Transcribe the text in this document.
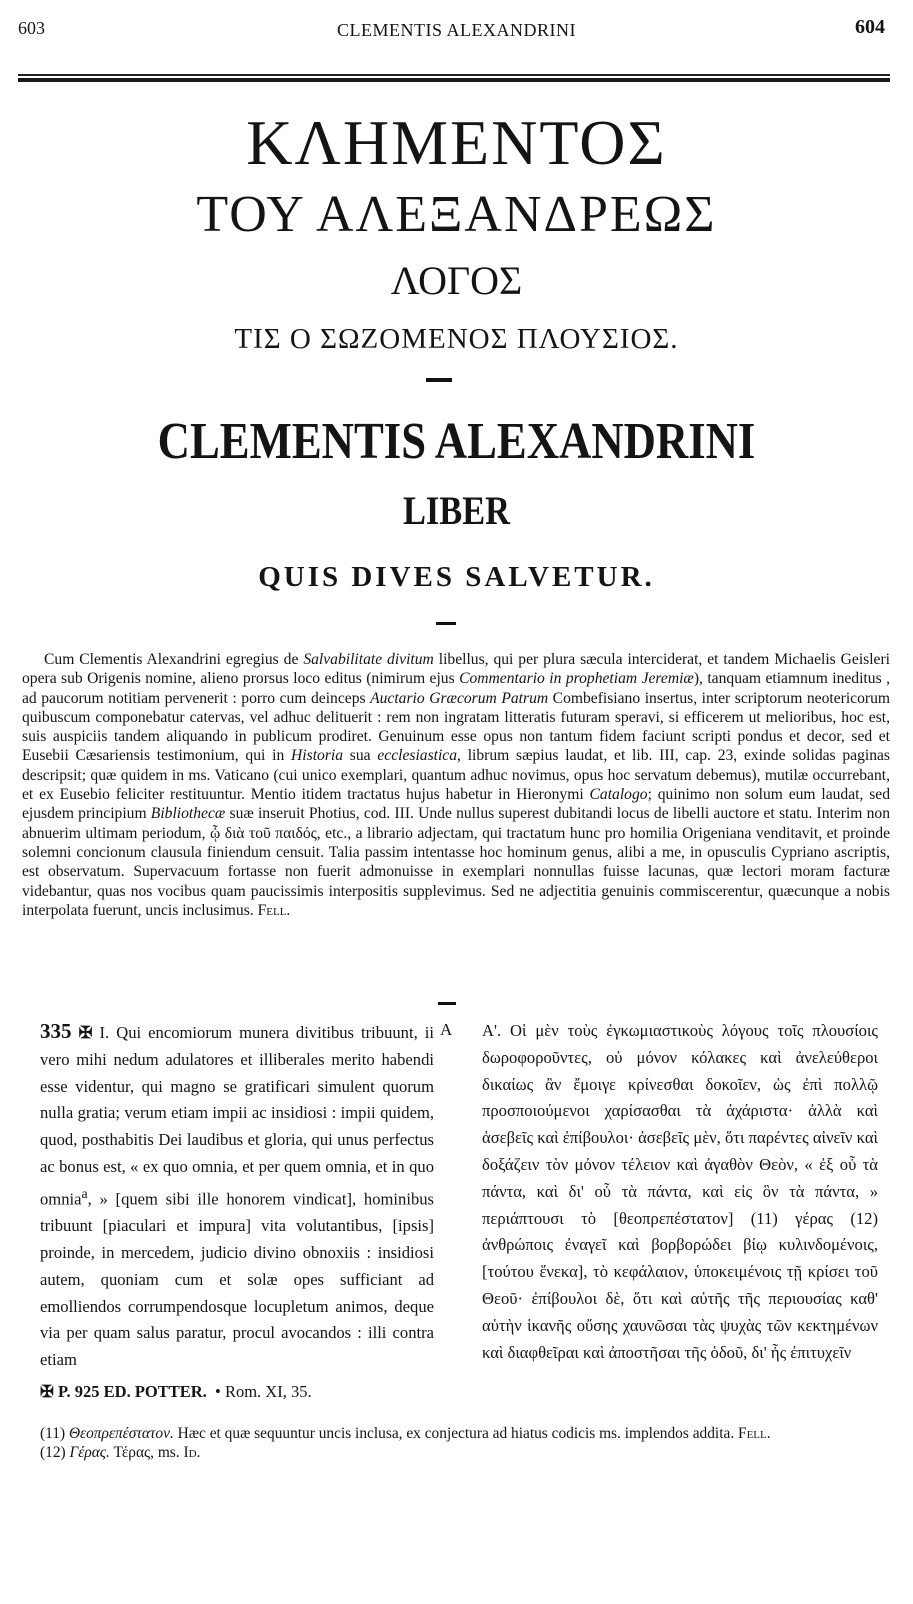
603	CLEMENTIS ALEXANDRINI	604
ΚΛΗΜΕΝΤΟΣ
ΤΟΥ ΑΛΕΞΑΝΔΡΕΩΣ
ΛΟΓΟΣ
ΤΙΣ Ο ΣΩΖΟΜΕΝΟΣ ΠΛΟΥΣΙΟΣ.
CLEMENTIS ALEXANDRINI
LIBER
QUIS DIVES SALVETUR.
Cum Clementis Alexandrini egregius de Salvabilitate divitum libellus, qui per plura sæcula interciderat, et tandem Michaelis Geisleri opera sub Origenis nomine, alieno prorsus loco editus (nimirum ejus Commentario in prophetiam Jeremiæ), tanquam etiamnum ineditus , ad paucorum notitiam pervenerit : porro cum deinceps Auctario Græcorum Patrum Combefisiano insertus, inter scriptorum neotericorum quibuscum componebatur catervas, vel adhuc delituerit : rem non ingratam litteratis futuram speravi, si efficerem ut melioribus, hoc est, suis auspiciis tandem aliquando in publicum prodiret. Genuinum esse opus non tantum fidem faciunt scripti pondus et decor, sed et Eusebii Cæsariensis testimonium, qui in Historia sua ecclesiastica, librum sæpius laudat, et lib. III, cap. 23, exinde solidas paginas descripsit; quæ quidem in ms. Vaticano (cui unico exemplari, quantum adhuc novimus, opus hoc servatum debemus), mutilæ occurrebant, et ex Eusebio feliciter restituuntur. Mentio itidem tractatus hujus habetur in Hieronymi Catalogo; quinimo non solum eum laudat, sed ejusdem principium Bibliothecæ suæ inseruit Photius, cod. III. Unde nullus superest dubitandi locus de libelli auctore et statu. Interim non abnuerim ultimam periodum, ᾧ διὰ τοῦ παιδός, etc., a librario adjectam, qui tractatum hunc pro homilia Origeniana venditavit, et proinde solemni concionum clausula finiendum censuit. Talia passim intentasse hoc hominum genus, alibi a me, in opusculis Cypriano ascriptis, est observatum. Supervacuum fortasse non fuerit admonuisse in exemplari nonnullas fuisse lacunas, quæ lectori moram facturæ videbantur, quas nos vocibus quam paucissimis interpositis supplevimus. Sed ne adjectitia genuinis commiscerentur, quæcunque a nobis interpolata fuerunt, uncis inclusimus. Fell.
335 ✠ I. Qui encomiorum munera divitibus tribuunt, ii vero mihi nedum adulatores et illiberales merito habendi esse videntur, qui magno se gratificari simulent quorum nulla gratia; verum etiam impii ac insidiosi : impii quidem, quod, posthabitis Dei laudibus et gloria, qui unus perfectus ac bonus est, « ex quo omnia, et per quem omnia, et in quo omnia$^a$, » [quem sibi ille honorem vindicat], hominibus tribuunt [piaculari et impura] vita volutantibus, [ipsis] proinde, in mercedem, judicio divino obnoxiis : insidiosi autem, quoniam cum et solæ opes sufficiant ad emolliendos corrumpendosque locupletum animos, deque via per quam salus paratur, procul avocandos : illi contra etiam
A Α'. Οἱ μὲν τοὺς ἐγκωμιαστικοὺς λόγους τοῖς πλουσίοις δωροφοροῦντες, οὐ μόνον κόλακες καὶ ἀνελεύθεροι δικαίως ἂν ἔμοιγε κρίνεσθαι δοκοῖεν, ὡς ἐπὶ πολλῷ προσποιούμενοι χαρίσασθαι τὰ ἀχάριστα· ἀλλὰ καὶ ἀσεβεῖς καὶ ἐπίβουλοι· ἀσεβεῖς μὲν, ὅτι παρέντες αἰνεῖν καὶ δοξάζειν τὸν μόνον τέλειον καὶ ἀγαθὸν Θεὸν, « ἐξ οὗ τὰ πάντα, καὶ δι' οὗ τὰ πάντα, καὶ εἰς ὃν τὰ πάντα, » περιάπτουσι τὸ [θεοπρεπέστατον] (11) γέρας (12) ἀνθρώποις ἐναγεῖ καὶ βορβορώδει βίῳ κυλινδομένοις, [τούτου ἕνεκα], τὸ κεφάλαιον, ὑποκειμένοις τῇ κρίσει τοῦ Θεοῦ· ἐπίβουλοι δὲ, ὅτι καὶ αὐτῆς τῆς περιουσίας καθ' αὑτὴν ἱκανῆς οὔσης χαυνῶσαι τὰς ψυχὰς τῶν κεκτημένων καὶ διαφθεῖραι καὶ ἀποστῆσαι τῆς ὁδοῦ, δι' ἧς ἐπιτυχεῖν
✠ P. 925 ED. POTTER. • Rom. XI, 35.
(11) Θεοπρεπέστατον. Hæc et quæ sequuntur uncis inclusa, ex conjectura ad hiatus codicis ms. implendos addita. Fell.
(12) Γέρας. Τέρας, ms. Id.
